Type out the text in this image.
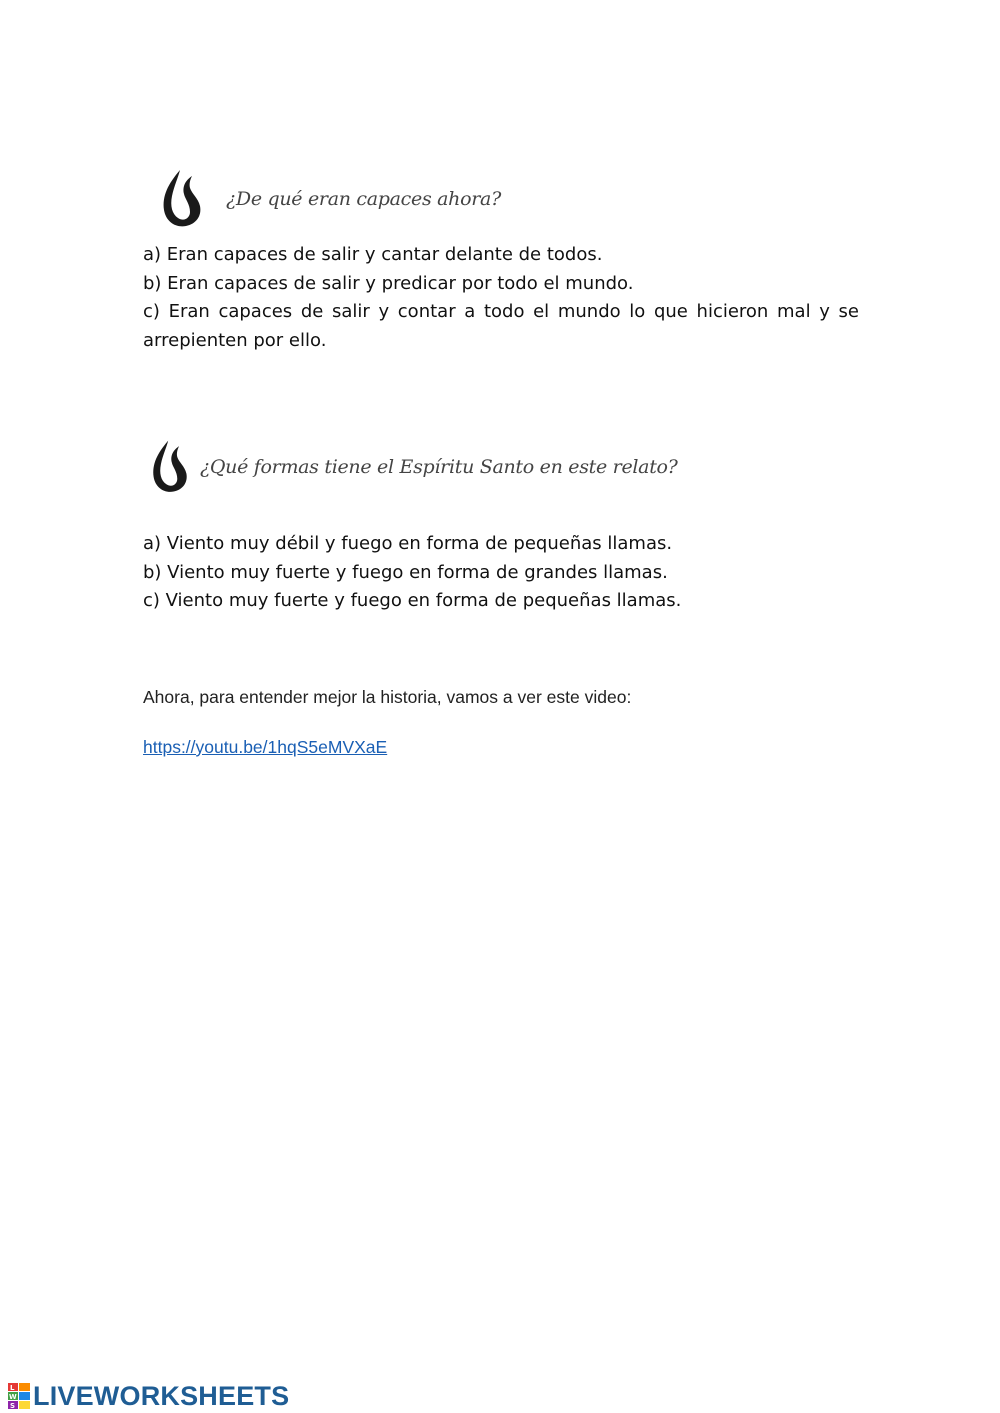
¿De qué eran capaces ahora?

a) Eran capaces de salir y cantar delante de todos.

b) Eran capaces de salir y predicar por todo el mundo.

c) Eran capaces de salir y contar a todo el mundo lo que hicieron mal y se arrepienten por ello.

¿Qué formas tiene el Espíritu Santo en este relato?

a) Viento muy débil y fuego en forma de pequeñas llamas.

b) Viento muy fuerte y fuego en forma de grandes llamas.

c) Viento muy fuerte y fuego en forma de pequeñas llamas.

Ahora, para entender mejor la historia, vamos a ver este video:
https://youtu.be/1hqS5eMVXaE
L
W
S LIVEWORKSHEETS
